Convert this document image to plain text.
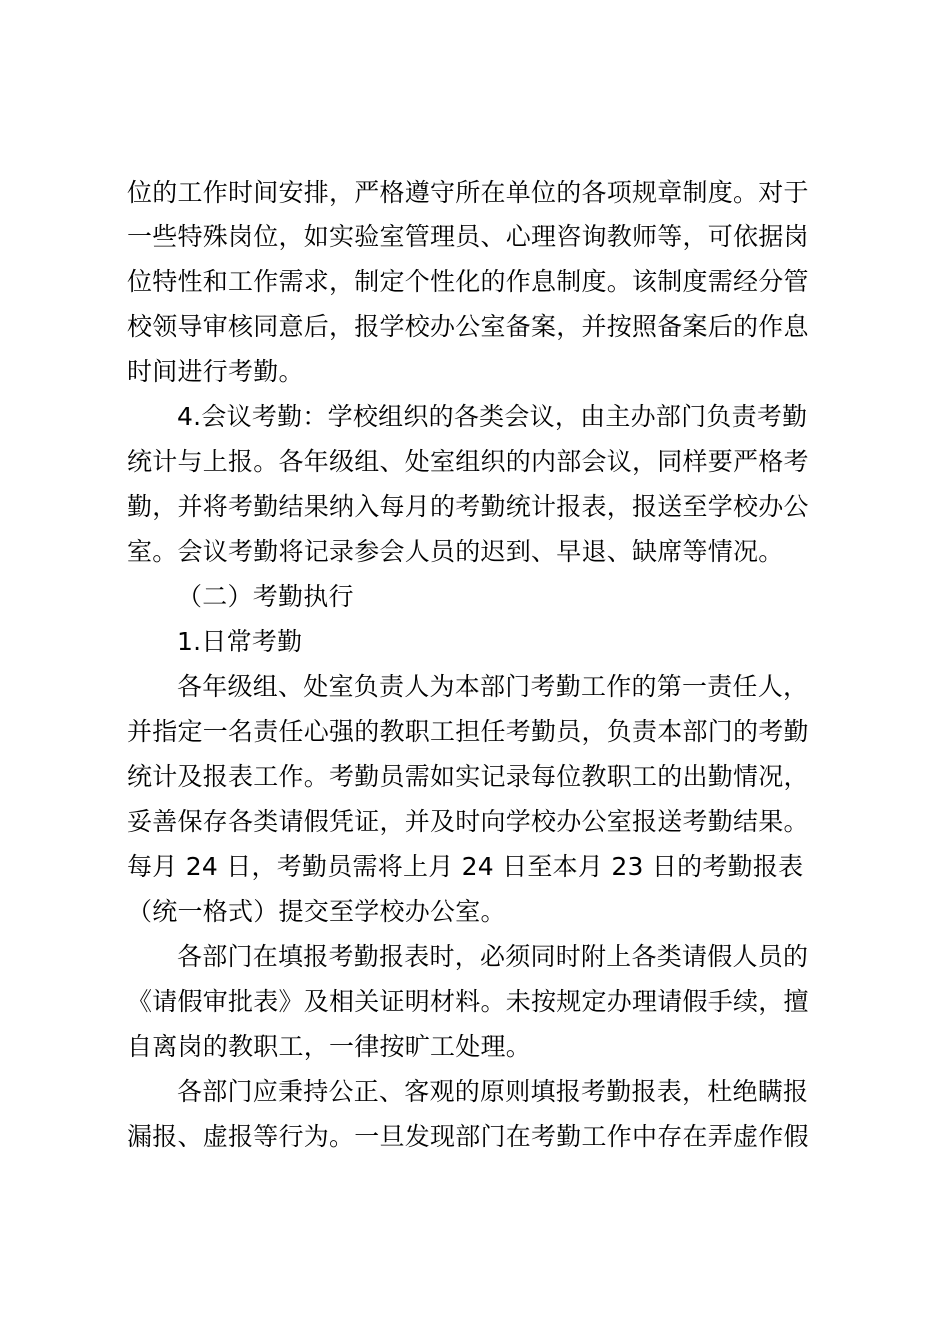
位的工作时间安排，严格遵守所在单位的各项规章制度。对于
一些特殊岗位，如实验室管理员、心理咨询教师等，可依据岗
位特性和工作需求，制定个性化的作息制度。该制度需经分管
校领导审核同意后，报学校办公室备案，并按照备案后的作息
时间进行考勤。
4.会议考勤：学校组织的各类会议，由主办部门负责考勤
统计与上报。各年级组、处室组织的内部会议，同样要严格考
勤，并将考勤结果纳入每月的考勤统计报表，报送至学校办公
室。会议考勤将记录参会人员的迟到、早退、缺席等情况。
（二）考勤执行
1.日常考勤
各年级组、处室负责人为本部门考勤工作的第一责任人，
并指定一名责任心强的教职工担任考勤员，负责本部门的考勤
统计及报表工作。考勤员需如实记录每位教职工的出勤情况，
妥善保存各类请假凭证，并及时向学校办公室报送考勤结果。
每月 24 日，考勤员需将上月 24 日至本月 23 日的考勤报表
（统一格式）提交至学校办公室。
各部门在填报考勤报表时，必须同时附上各类请假人员的
《请假审批表》及相关证明材料。未按规定办理请假手续，擅
自离岗的教职工，一律按旷工处理。
各部门应秉持公正、客观的原则填报考勤报表，杜绝瞒报
漏报、虚报等行为。一旦发现部门在考勤工作中存在弄虚作假
